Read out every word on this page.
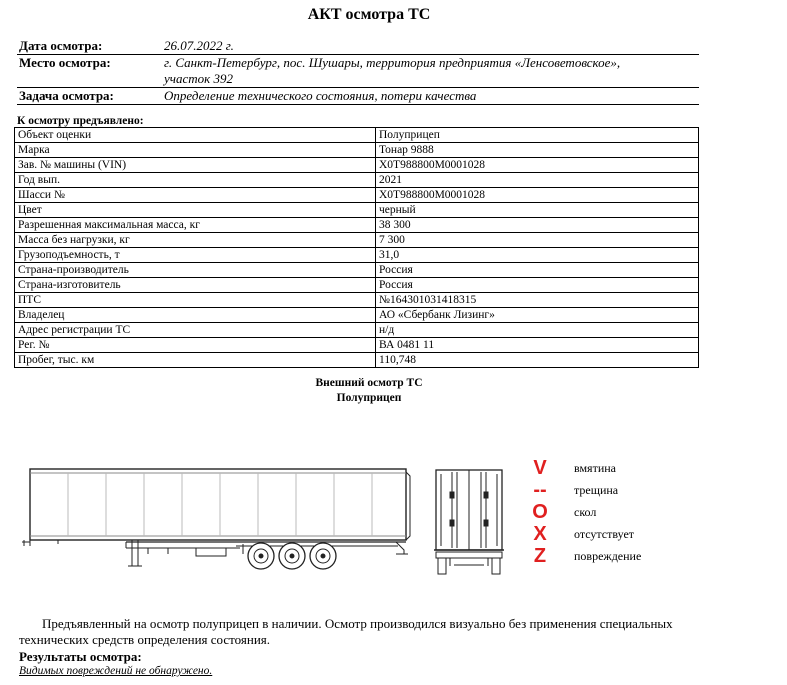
АКТ осмотра ТС
Дата осмотра:	26.07.2022 г.
Место осмотра:	г. Санкт-Петербург, пос. Шушары, территория предприятия «Ленсоветовское»,
	участок 392
Задача осмотра:	Определение технического состояния, потери качества
К осмотру предъявлено:
Объект оценки	Полуприцеп
Марка	Тонар 9888
Зав. № машины (VIN)	X0T988800M0001028
Год вып.	2021
Шасси №	X0T988800M0001028
Цвет	черный
Разрешенная максимальная масса, кг	38 300
Масса без нагрузки, кг	7 300
Грузоподъемность, т	31,0
Страна-производитель	Россия
Страна-изготовитель	Россия
ПТС	№164301031418315
Владелец	АО «Сбербанк Лизинг»
Адрес регистрации ТС	н/д
Рег. №	ВА 0481 11
Пробег, тыс. км	110,748
Внешний осмотр ТС
Полуприцеп
V	вмятина
--	трещина
O	скол
X	отсутствует
Z	повреждение
Предъявленный на осмотр полуприцеп в наличии. Осмотр производился визуально без применения специальных технических средств определения состояния.
Результаты осмотра:
Видимых повреждений не обнаружено.
